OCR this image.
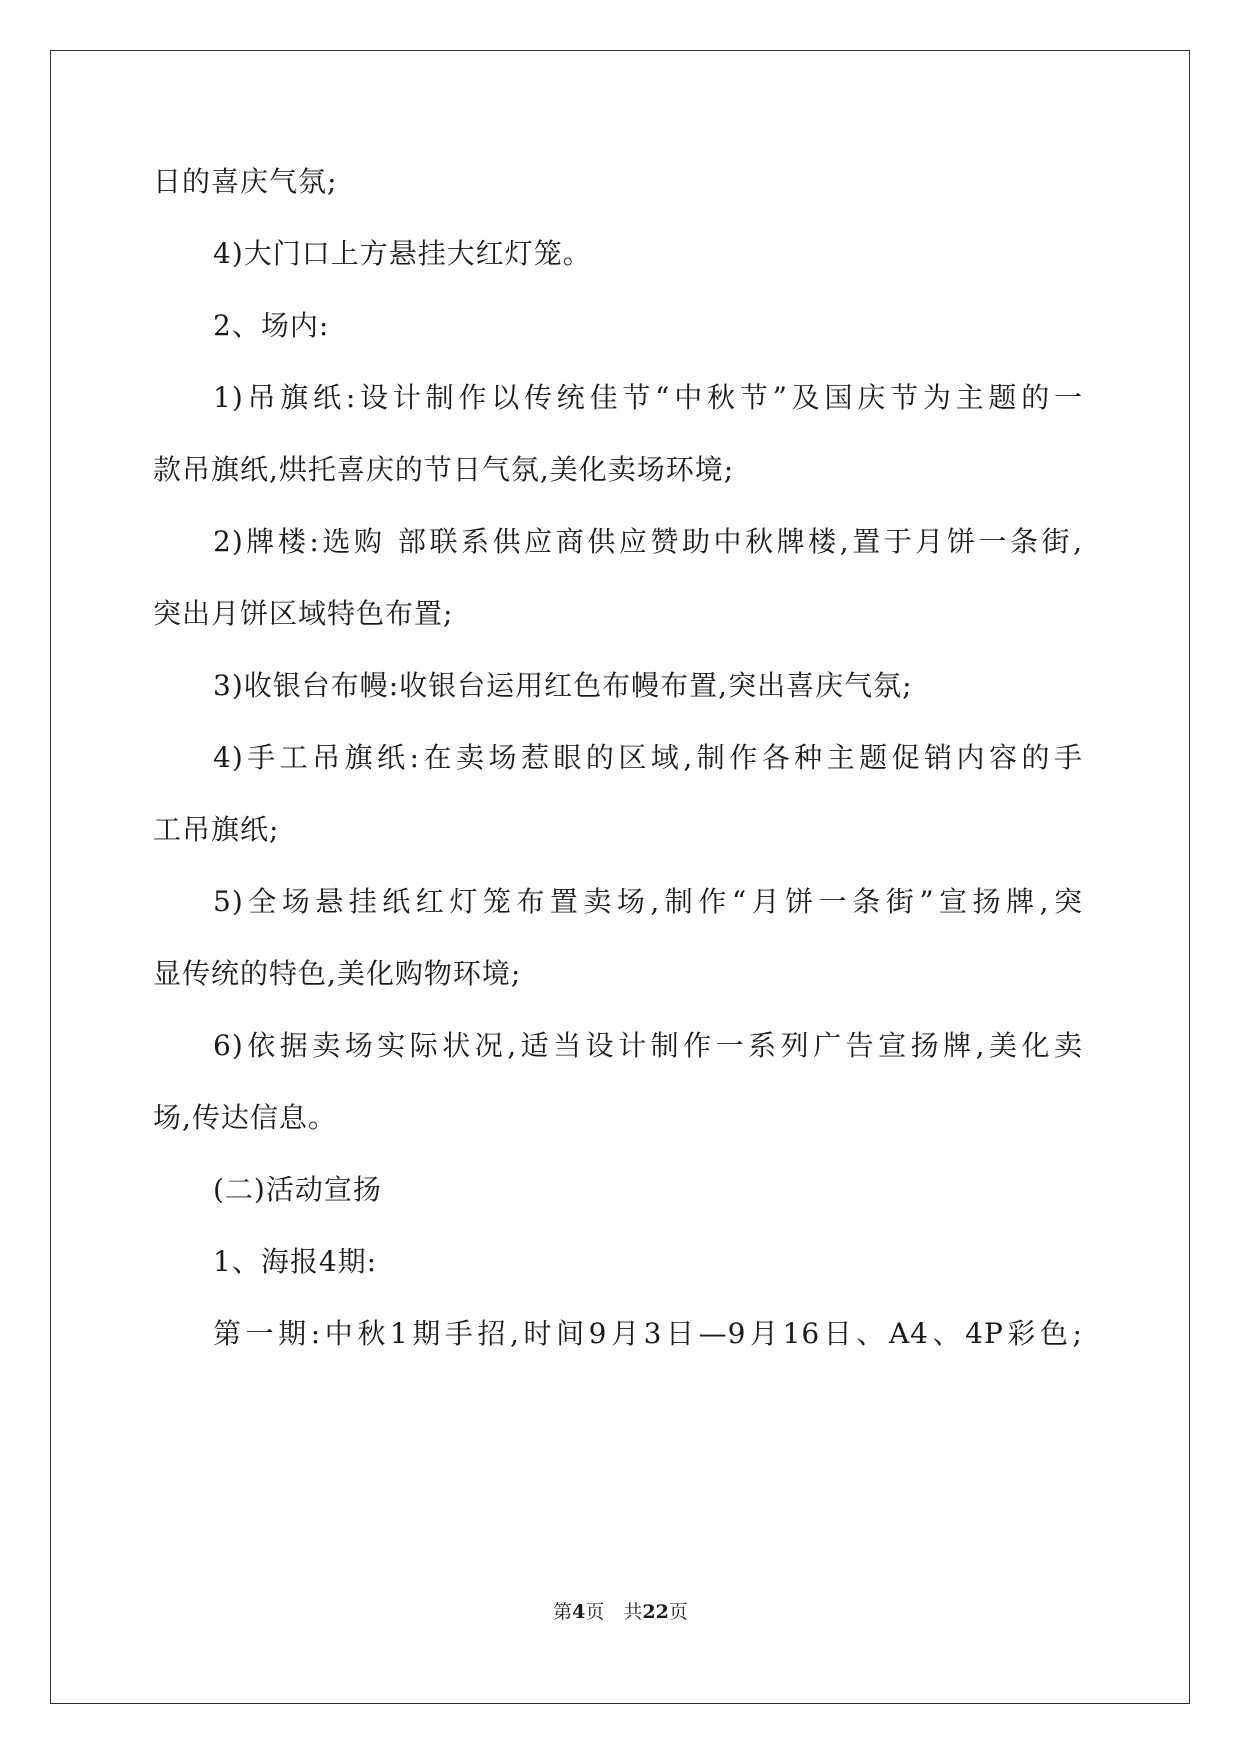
日的喜庆气氛;
4)大门口上方悬挂大红灯笼。
2、场内:
1)吊旗纸:设计制作以传统佳节“中秋节”及国庆节为主题的一
款吊旗纸,烘托喜庆的节日气氛,美化卖场环境;
2)牌楼:选购 部联系供应商供应赞助中秋牌楼,置于月饼一条街,
突出月饼区域特色布置;
3)收银台布幔:收银台运用红色布幔布置,突出喜庆气氛;
4)手工吊旗纸:在卖场惹眼的区域,制作各种主题促销内容的手
工吊旗纸;
5)全场悬挂纸红灯笼布置卖场,制作“月饼一条街”宣扬牌,突
显传统的特色,美化购物环境;
6)依据卖场实际状况,适当设计制作一系列广告宣扬牌,美化卖
场,传达信息。
(二)活动宣扬
1、海报4期:
第一期:中秋1期手招,时间9月3日—9月16日、A4、4P彩色;
第4页　共22页
